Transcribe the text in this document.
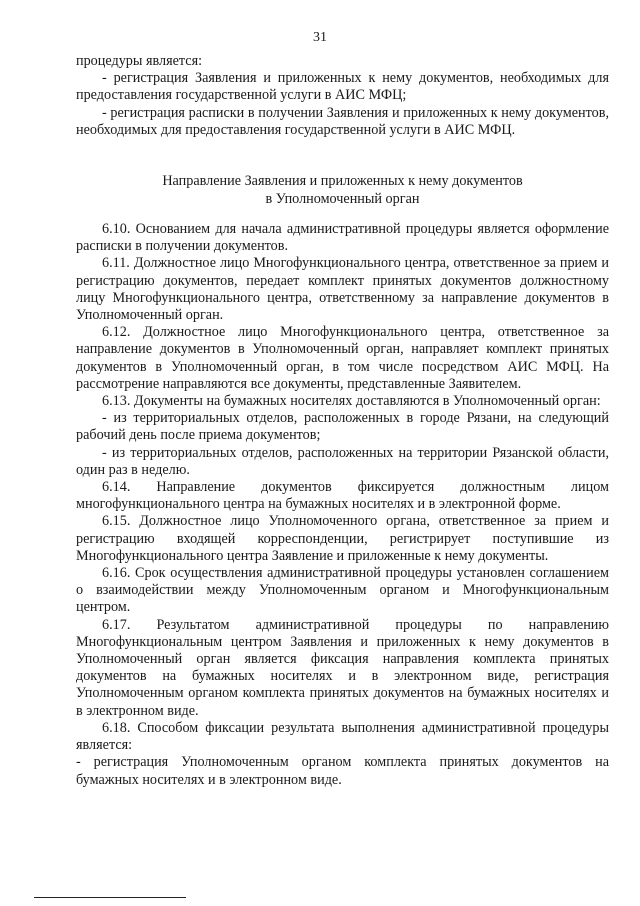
31

процедуры является:

- регистрация Заявления и приложенных к нему документов, необходимых для предоставления государственной услуги в АИС МФЦ;

- регистрация расписки в получении Заявления и приложенных к нему документов, необходимых для предоставления государственной услуги в АИС МФЦ.

Направление Заявления и приложенных к нему документов
в Уполномоченный орган

6.10. Основанием для начала административной процедуры является оформление расписки в получении документов.

6.11. Должностное лицо Многофункционального центра, ответственное за прием и регистрацию документов, передает комплект принятых документов должностному лицу Многофункционального центра, ответственному за направление документов в Уполномоченный орган.

6.12. Должностное лицо Многофункционального центра, ответственное за направление документов в Уполномоченный орган, направляет комплект принятых документов в Уполномоченный орган, в том числе посредством АИС МФЦ. На рассмотрение направляются все документы, представленные Заявителем.

6.13. Документы на бумажных носителях доставляются в Уполномоченный орган:

- из территориальных отделов, расположенных в городе Рязани, на следующий рабочий день после приема документов;

- из территориальных отделов, расположенных на территории Рязанской области, один раз в неделю.

6.14. Направление документов фиксируется должностным лицом многофункционального центра на бумажных носителях и в электронной форме.

6.15. Должностное лицо Уполномоченного органа, ответственное за прием и регистрацию входящей корреспонденции, регистрирует поступившие из Многофункционального центра Заявление и приложенные к нему документы.

6.16. Срок осуществления административной процедуры установлен соглашением о взаимодействии между Уполномоченным органом и Многофункциональным центром.

6.17. Результатом административной процедуры по направлению Многофункциональным центром Заявления и приложенных к нему документов в Уполномоченный орган является фиксация направления комплекта принятых документов на бумажных носителях и в электронном виде, регистрация Уполномоченным органом комплекта принятых документов на бумажных носителях и в электронном виде.

6.18. Способом фиксации результата выполнения административной процедуры является:

- регистрация Уполномоченным органом комплекта принятых документов на бумажных носителях и в электронном виде.
